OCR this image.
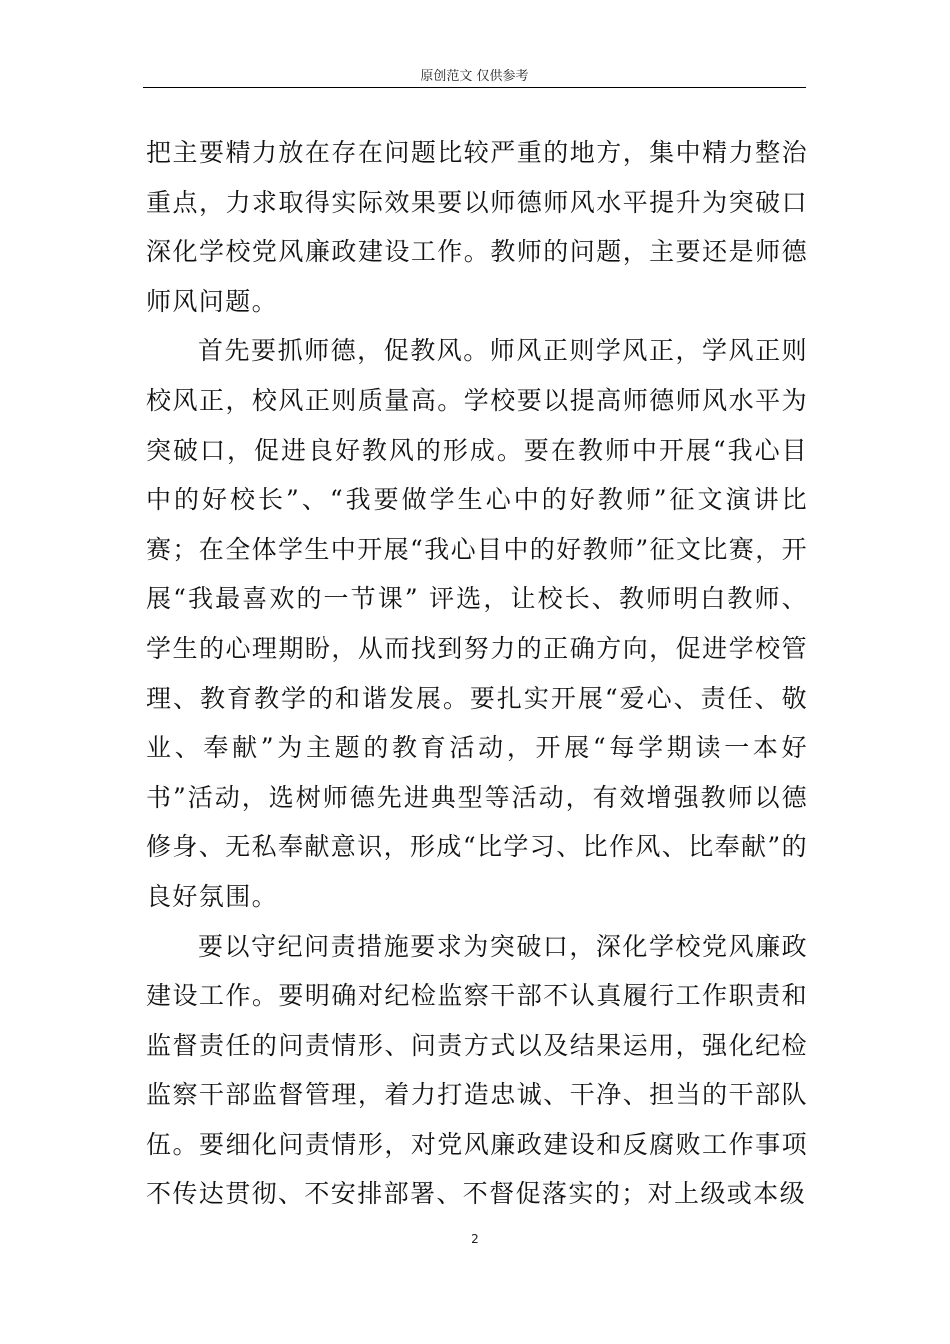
原创范文 仅供参考

把主要精力放在存在问题比较严重的地方，集中精力整治重点，力求取得实际效果要以师德师风水平提升为突破口深化学校党风廉政建设工作。教师的问题，主要还是师德师风问题。

首先要抓师德，促教风。师风正则学风正，学风正则校风正，校风正则质量高。学校要以提高师德师风水平为突破口，促进良好教风的形成。要在教师中开展“我心目中的好校长”、“我要做学生心中的好教师”征文演讲比赛；在全体学生中开展“我心目中的好教师”征文比赛，开展“我最喜欢的一节课” 评选，让校长、教师明白教师、学生的心理期盼，从而找到努力的正确方向，促进学校管理、教育教学的和谐发展。要扎实开展“爱心、责任、敬业、奉献”为主题的教育活动，开展“每学期读一本好书”活动，选树师德先进典型等活动，有效增强教师以德修身、无私奉献意识，形成“比学习、比作风、比奉献”的良好氛围。

要以守纪问责措施要求为突破口，深化学校党风廉政建设工作。要明确对纪检监察干部不认真履行工作职责和监督责任的问责情形、问责方式以及结果运用，强化纪检监察干部监督管理，着力打造忠诚、干净、担当的干部队伍。要细化问责情形，对党风廉政建设和反腐败工作事项不传达贯彻、不安排部署、不督促落实的；对上级或本级

2
